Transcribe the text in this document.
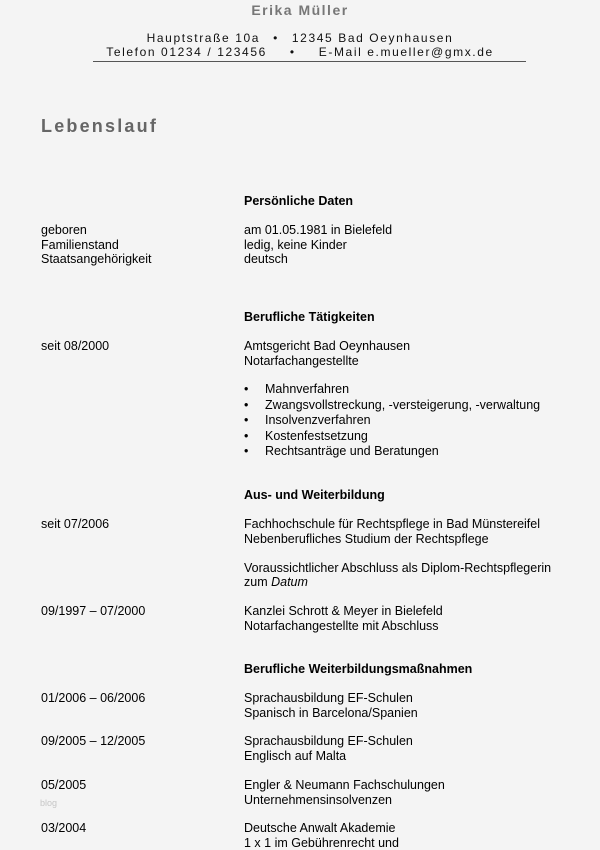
Erika Müller
Hauptstraße 10a • 12345 Bad Oeynhausen
Telefon 01234 / 123456 • E-Mail e.mueller@gmx.de
Lebenslauf
Persönliche Daten
geboren	am 01.05.1981 in Bielefeld
Familienstand	ledig, keine Kinder
Staatsangehörigkeit	deutsch
Berufliche Tätigkeiten
seit 08/2000	Amtsgericht Bad Oeynhausen
Notarfachangestellte
• Mahnverfahren
• Zwangsvollstreckung, -versteigerung, -verwaltung
• Insolvenzverfahren
• Kostenfestsetzung
• Rechtsanträge und Beratungen
Aus- und Weiterbildung
seit 07/2006	Fachhochschule für Rechtspflege in Bad Münstereifel
Nebenberufliches Studium der Rechtspflege
Voraussichtlicher Abschluss als Diplom-Rechtspflegerin
zum Datum
09/1997 – 07/2000	Kanzlei Schrott & Meyer in Bielefeld
Notarfachangestellte mit Abschluss
Berufliche Weiterbildungsmaßnahmen
01/2006 – 06/2006	Sprachausbildung EF-Schulen
Spanisch in Barcelona/Spanien
09/2005 – 12/2005	Sprachausbildung EF-Schulen
Englisch auf Malta
05/2005	Engler & Neumann Fachschulungen
Unternehmensinsolvenzen
03/2004	Deutsche Anwalt Akademie
1 x 1 im Gebührenrecht und
blog
